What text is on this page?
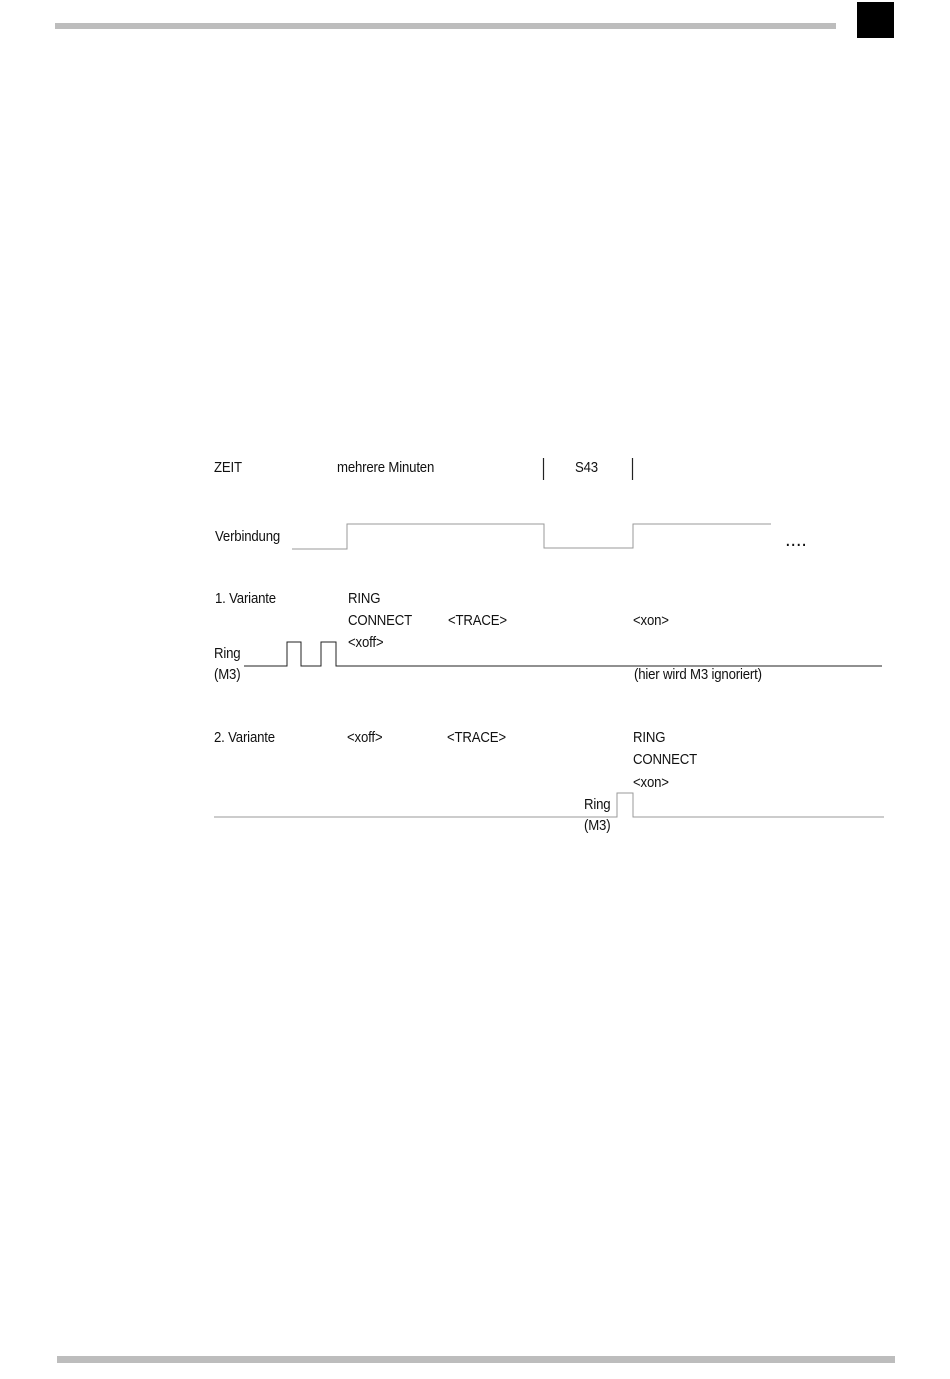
ZEIT	mehrere Minuten	S43
Verbindung	....
1. Variante	RING
CONNECT
<xoff>
<TRACE>	<xon>
Ring
(M3)	(hier wird M3 ignoriert)
2. Variante	<xoff>	<TRACE>	RING
CONNECT
<xon>
Ring
(M3)
